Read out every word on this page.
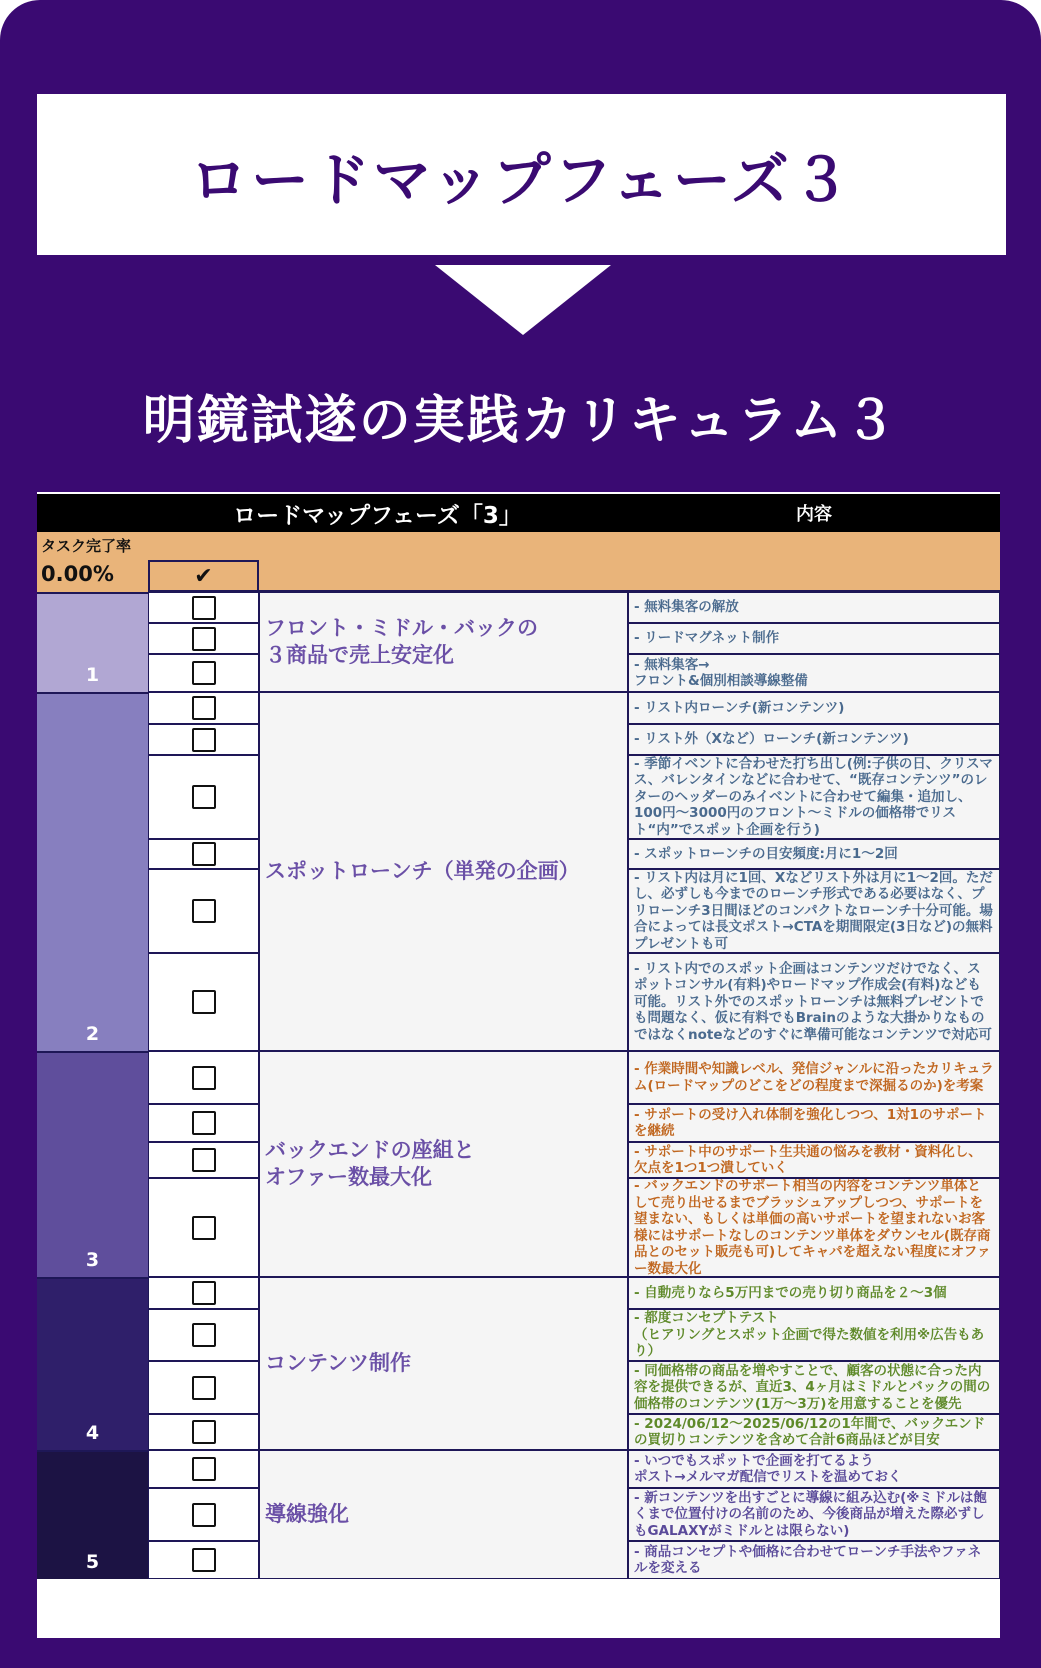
ロードマップフェーズ３
明鏡試遂の実践カリキュラム３
ロードマップフェーズ「3」	内容
タスク完了率
0.00%	✔
1
フロント・ミドル・バックの
３商品で売上安定化
- 無料集客の解放
- リードマグネット制作
- 無料集客→
フロント&個別相談導線整備
2
スポットローンチ（単発の企画）
- リスト内ローンチ(新コンテンツ)
- リスト外（Xなど）ローンチ(新コンテンツ)
- 季節イベントに合わせた打ち出し(例:子供の日、クリスマス、バレンタインなどに合わせて、“既存コンテンツ”のレターのヘッダーのみイベントに合わせて編集・追加し、100円〜3000円のフロント〜ミドルの価格帯でリスト“内”でスポット企画を行う)
- スポットローンチの目安頻度:月に1〜2回
- リスト内は月に1回、Xなどリスト外は月に1〜2回。ただし、必ずしも今までのローンチ形式である必要はなく、プリローンチ3日間ほどのコンパクトなローンチ十分可能。場合によっては長文ポスト→CTAを期間限定(3日など)の無料プレゼントも可
- リスト内でのスポット企画はコンテンツだけでなく、スポットコンサル(有料)やロードマップ作成会(有料)なども可能。リスト外でのスポットローンチは無料プレゼントでも問題なく、仮に有料でもBrainのような大掛かりなものではなくnoteなどのすぐに準備可能なコンテンツで対応可
3
バックエンドの座組と
オファー数最大化
- 作業時間や知識レベル、発信ジャンルに沿ったカリキュラム(ロードマップのどこをどの程度まで深掘るのか)を考案
- サポートの受け入れ体制を強化しつつ、1対1のサポートを継続
- サポート中のサポート生共通の悩みを教材・資料化し、欠点を1つ1つ潰していく
- バックエンドのサポート相当の内容をコンテンツ単体として売り出せるまでブラッシュアップしつつ、サポートを望まない、もしくは単価の高いサポートを望まれないお客様にはサポートなしのコンテンツ単体をダウンセル(既存商品とのセット販売も可)してキャパを超えない程度にオファー数最大化
4
コンテンツ制作
- 自動売りなら5万円までの売り切り商品を２〜3個
- 都度コンセプトテスト
（ヒアリングとスポット企画で得た数値を利用※広告もあり）
- 同価格帯の商品を増やすことで、顧客の状態に合った内容を提供できるが、直近3、4ヶ月はミドルとバックの間の価格帯のコンテンツ(1万〜3万)を用意することを優先
- 2024/06/12〜2025/06/12の1年間で、バックエンドの買切りコンテンツを含めて合計6商品ほどが目安
5
導線強化
- いつでもスポットで企画を打てるよう
ポスト→メルマガ配信でリストを温めておく
- 新コンテンツを出すごとに導線に組み込む(※ミドルは飽くまで位置付けの名前のため、今後商品が増えた際必ずしもGALAXYがミドルとは限らない)
- 商品コンセプトや価格に合わせてローンチ手法やファネルを変える
